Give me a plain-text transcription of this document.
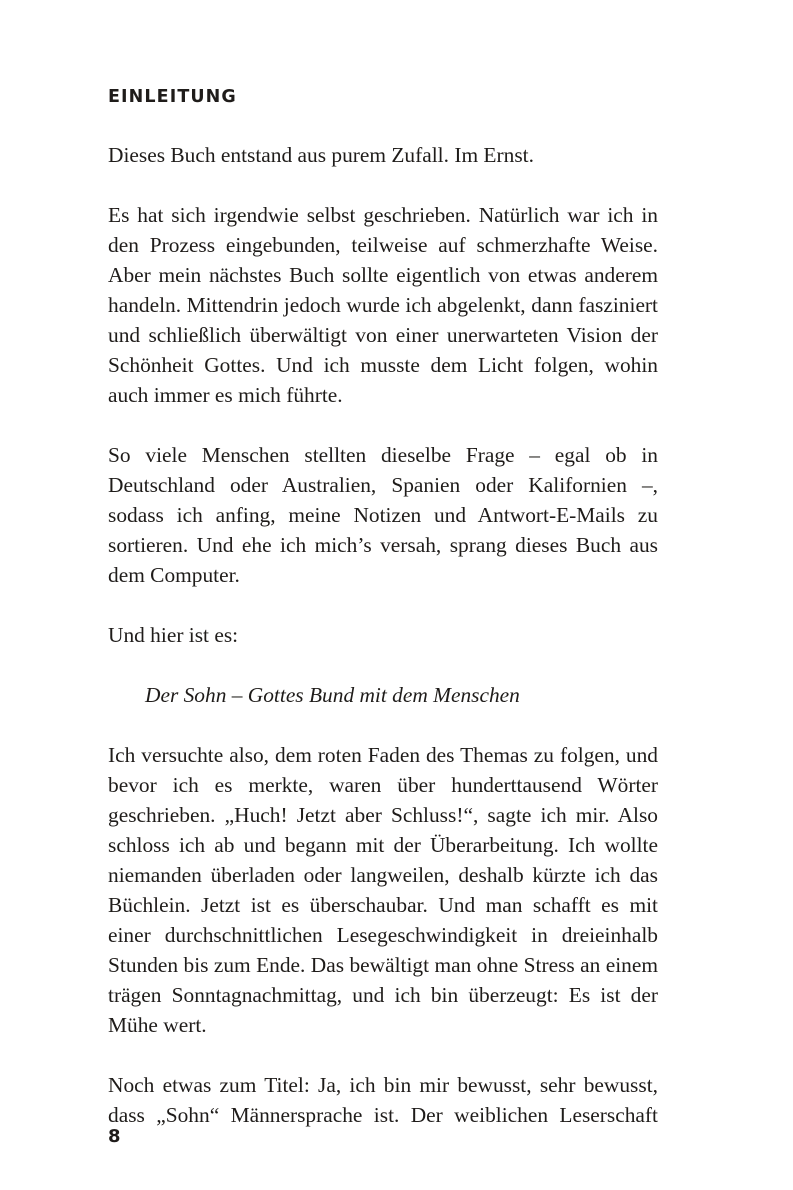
EINLEITUNG

Dieses Buch entstand aus purem Zufall. Im Ernst.

Es hat sich irgendwie selbst geschrieben. Natürlich war ich in den Prozess eingebunden, teilweise auf schmerzhafte Weise. Aber mein nächstes Buch sollte eigentlich von etwas anderem handeln. Mittendrin jedoch wurde ich abgelenkt, dann fasziniert und schließlich überwältigt von einer unerwarteten Vision der Schönheit Gottes. Und ich musste dem Licht folgen, wohin auch immer es mich führte.

So viele Menschen stellten dieselbe Frage – egal ob in Deutschland oder Australien, Spanien oder Kalifornien –, sodass ich anfing, meine Notizen und Antwort-E-Mails zu sortieren. Und ehe ich mich’s versah, sprang dieses Buch aus dem Computer.

Und hier ist es:

Der Sohn – Gottes Bund mit dem Menschen

Ich versuchte also, dem roten Faden des Themas zu folgen, und bevor ich es merkte, waren über hunderttausend Wörter geschrieben. „Huch! Jetzt aber Schluss!“, sagte ich mir. Also schloss ich ab und begann mit der Überarbeitung. Ich wollte niemanden überladen oder langweilen, deshalb kürzte ich das Büchlein. Jetzt ist es überschaubar. Und man schafft es mit einer durchschnittlichen Lesegeschwindigkeit in dreieinhalb Stunden bis zum Ende. Das bewältigt man ohne Stress an einem trägen Sonntagnachmittag, und ich bin überzeugt: Es ist der Mühe wert.

Noch etwas zum Titel: Ja, ich bin mir bewusst, sehr bewusst, dass „Sohn“ Männersprache ist. Der weiblichen Leserschaft

8
